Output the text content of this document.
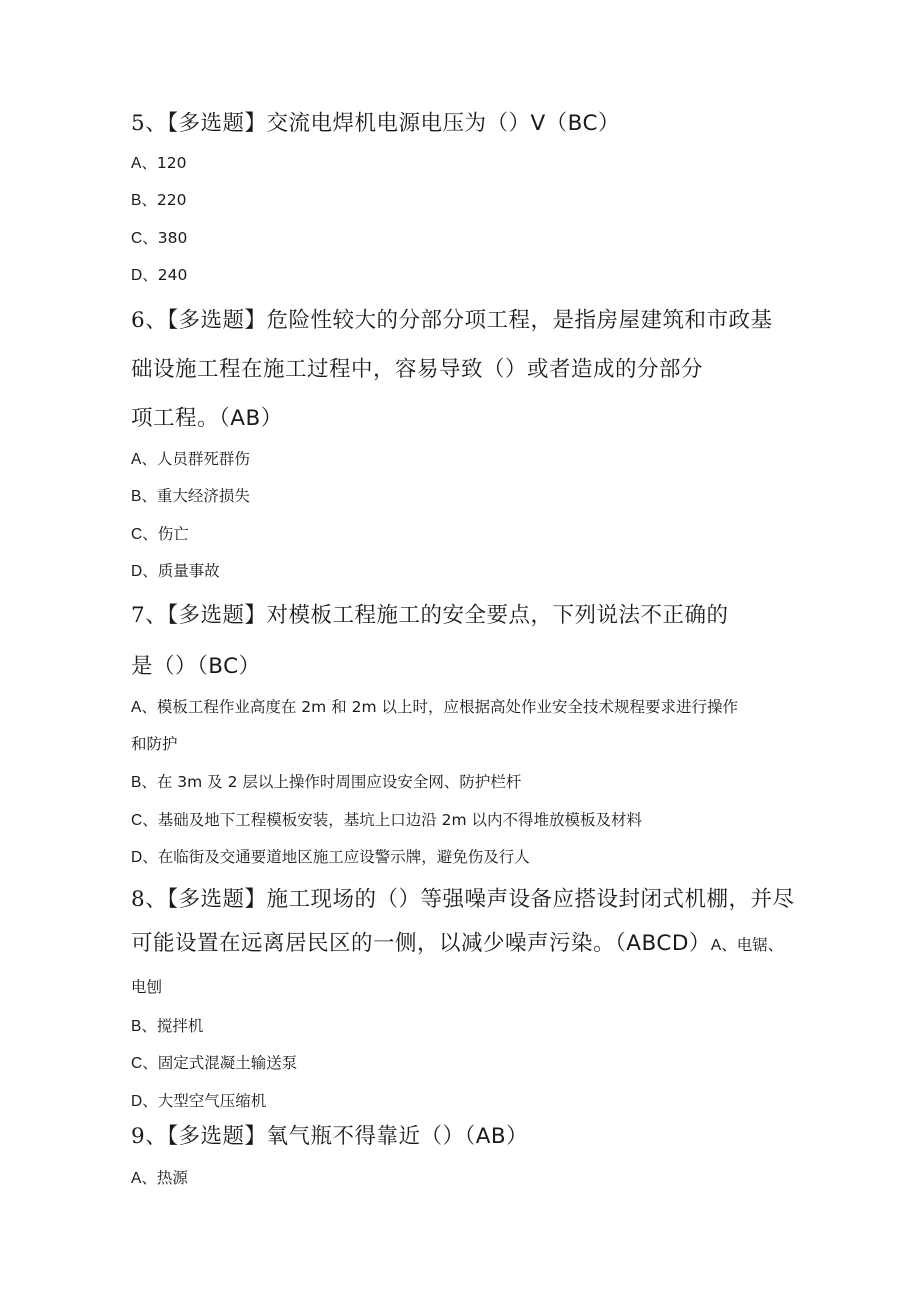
5、【多选题】交流电焊机电源电压为（）V（BC）
A、120
B、220
C、380
D、240
6、【多选题】危险性较大的分部分项工程，是指房屋建筑和市政基
础设施工程在施工过程中，容易导致（）或者造成的分部分
项工程。（AB）
A、人员群死群伤
B、重大经济损失
C、伤亡
D、质量事故
7、【多选题】对模板工程施工的安全要点，下列说法不正确的
是（）（BC）
A、模板工程作业高度在 2m 和 2m 以上时，应根据高处作业安全技术规程要求进行操作
和防护
B、在 3m 及 2 层以上操作时周围应设安全网、防护栏杆
C、基础及地下工程模板安装，基坑上口边沿 2m 以内不得堆放模板及材料
D、在临街及交通要道地区施工应设警示牌，避免伤及行人
8、【多选题】施工现场的（）等强噪声设备应搭设封闭式机棚，并尽
可能设置在远离居民区的一侧，以减少噪声污染。（ABCD）A、电锯、
电刨
B、搅拌机
C、固定式混凝土输送泵
D、大型空气压缩机
9、【多选题】氧气瓶不得靠近（）（AB）
A、热源
